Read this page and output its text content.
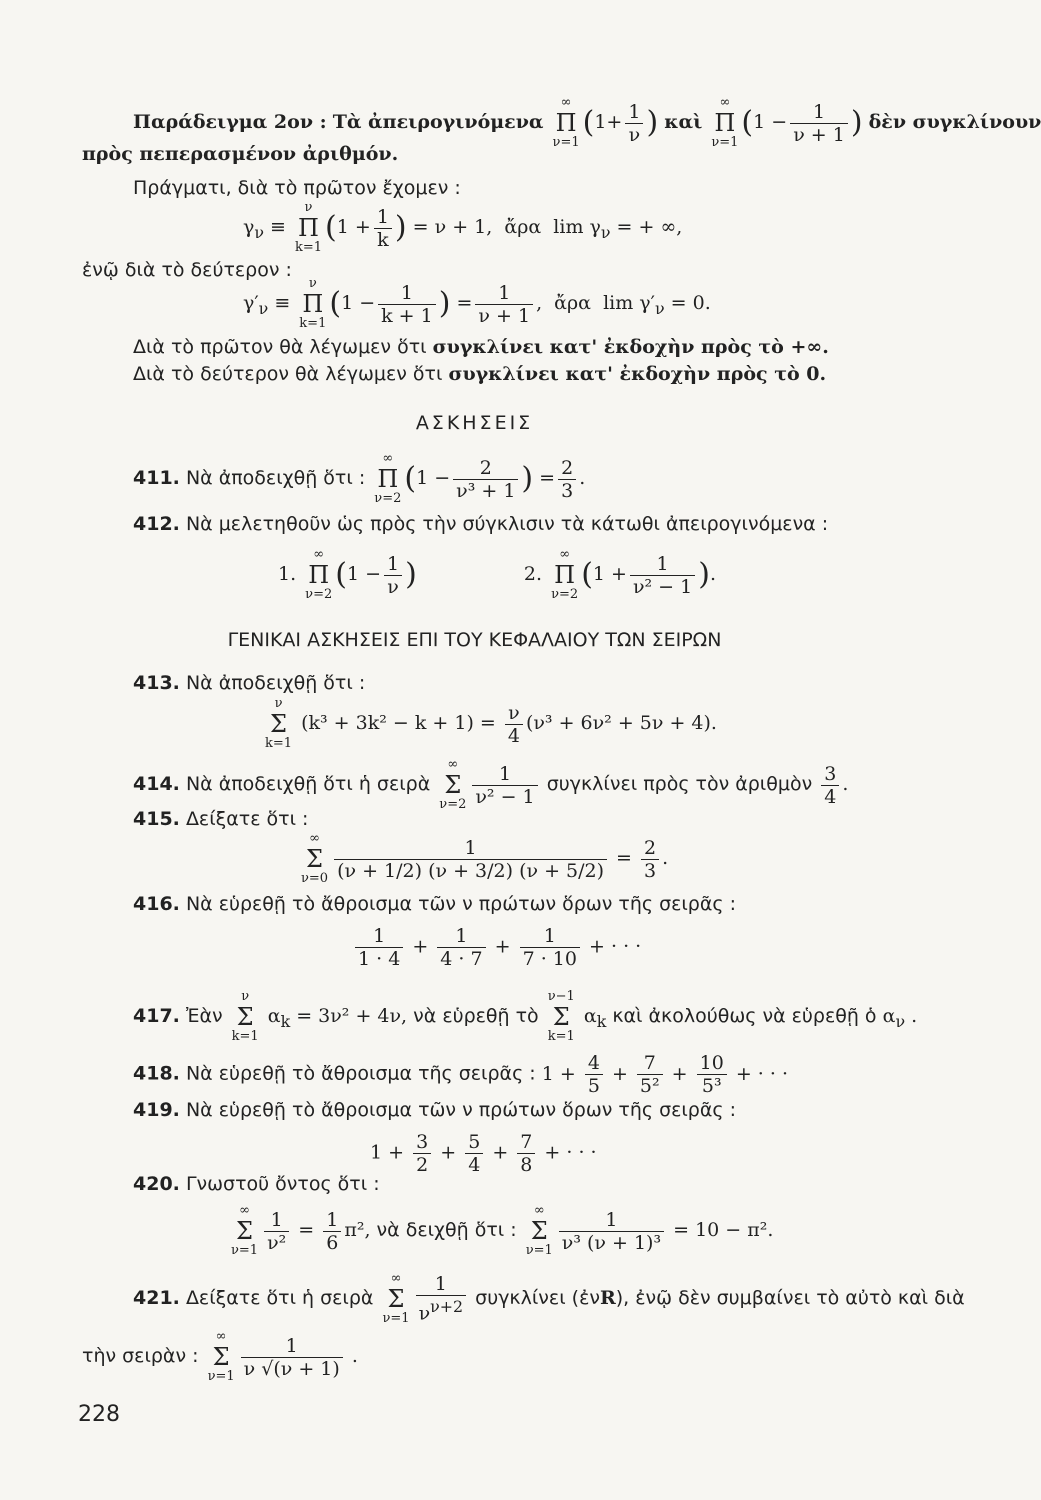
Παράδειγμα 2ον : Τὰ ἀπειρογινόμενα
∞
Π
ν=1
($1+ \frac{1}{\nu}$ ) καὶ
∞
Π
ν=1
($1 - \frac{1}{\nu + 1}$ ) δὲν συγκλίνουν
πρὸς πεπερασμένον ἀριθμόν.
Πράγματι, διὰ τὸ πρῶτον ἔχομεν :
$\gamma_\nu$ ≡
ν
Π
k=1
($1 + \frac{1}{k}$ ) = ν + 1,  ἄρα  $\lim \gamma_\nu$ = + ∞,
ἐνῷ διὰ τὸ δεύτερον :
$\gamma'_\nu$ ≡
ν
Π
k=1
($1 - \frac{1}{k + 1}$ ) = $\frac{1}{\nu + 1}$ ,  ἄρα  $\lim \gamma'_\nu = 0$.
Διὰ τὸ πρῶτον θὰ λέγωμεν ὅτι συγκλίνει κατ' ἐκδοχὴν πρὸς τὸ +∞.
Διὰ τὸ δεύτερον θὰ λέγωμεν ὅτι συγκλίνει κατ' ἐκδοχὴν πρὸς τὸ 0.
ΑΣΚΗΣΕΙΣ
411. Νὰ ἀποδειχθῇ ὅτι :
∞
Π
ν=2
($1 - \frac{2}{\text{ν³ + 1}}$ ) = $\frac{2}{3}$ .
412. Νὰ μελετηθοῦν ὡς πρὸς τὴν σύγκλισιν τὰ κάτωθι ἀπειρογινόμενα :
1.
∞
Π
ν=2
($1 - \frac{1}{\nu}$ )	2.
∞
Π
ν=2
($1 + \frac{1}{\text{ν² − 1}}$ ).
ΓΕΝΙΚΑΙ ΑΣΚΗΣΕΙΣ ΕΠΙ ΤΟΥ ΚΕΦΑΛΑΙΟΥ ΤΩΝ ΣΕΙΡΩΝ
413. Νὰ ἀποδειχθῇ ὅτι :
ν
Σ
k=1
$(k^3 + 3k^2 - k + 1) = \frac{\nu}{4} (\nu^3 + 6\nu^2 + 5\nu + 4)$.
414. Νὰ ἀποδειχθῇ ὅτι ἡ σειρὰ
∞
Σ
$\nu=2 \frac{1}{\text{ν² − 1}}$ συγκλίνει πρὸς τὸν ἀριθμὸν $\frac{3}{4}$ .
415. Δείξατε ὅτι :
∞
Σ
$\nu=0 \frac{1}{(\nu + 1/2) (\nu + 3/2) (\nu + 5/2)} = \frac{2}{3}$ .
416. Νὰ εὑρεθῇ τὸ ἄθροισμα τῶν ν πρώτων ὅρων τῆς σειρᾶς :
$\frac{1}{1 \cdot 4} + \frac{1}{4 \cdot 7} + \frac{1}{7 \cdot 10}$ + · · ·
417. Ἐὰν
ν
Σ
k=1
$\alpha_k = 3\nu^2 + 4\nu$, νὰ εὑρεθῇ τὸ
ν−1
Σ
k=1
$\alpha_k$ καὶ ἀκολούθως νὰ εὑρεθῇ ὁ $\alpha_\nu$ .
418. Νὰ εὑρεθῇ τὸ ἄθροισμα τῆς σειρᾶς : $1 + \frac{4}{5} + \frac{7}{\text{5²}} + \frac{10}{\text{5³}}$ + · · ·
419. Νὰ εὑρεθῇ τὸ ἄθροισμα τῶν ν πρώτων ὅρων τῆς σειρᾶς :
$1 + \frac{3}{2} + \frac{5}{4} + \frac{7}{8}$ + · · ·
420. Γνωστοῦ ὄντος ὅτι :
∞
Σ
$\nu=1 \frac{1}{\text{ν²}} = \frac{1}{6} \pi^2$, νὰ δειχθῇ ὅτι :
∞
Σ
$\nu=1 \frac{1}{\text{ν³ (ν + 1)³}} = 10 - \pi^2$.
421. Δείξατε ὅτι ἡ σειρὰ
∞
Σ
$\nu=1 \frac{1}{\nu^{\nu+2}}$ συγκλίνει (ἐνR), ἐνῷ δὲν συμβαίνει τὸ αὐτὸ καὶ διὰ
τὴν σειρὰν :
∞
Σ
$\nu=1 \frac{1}{\nu √(\nu + 1)}$ .
228
